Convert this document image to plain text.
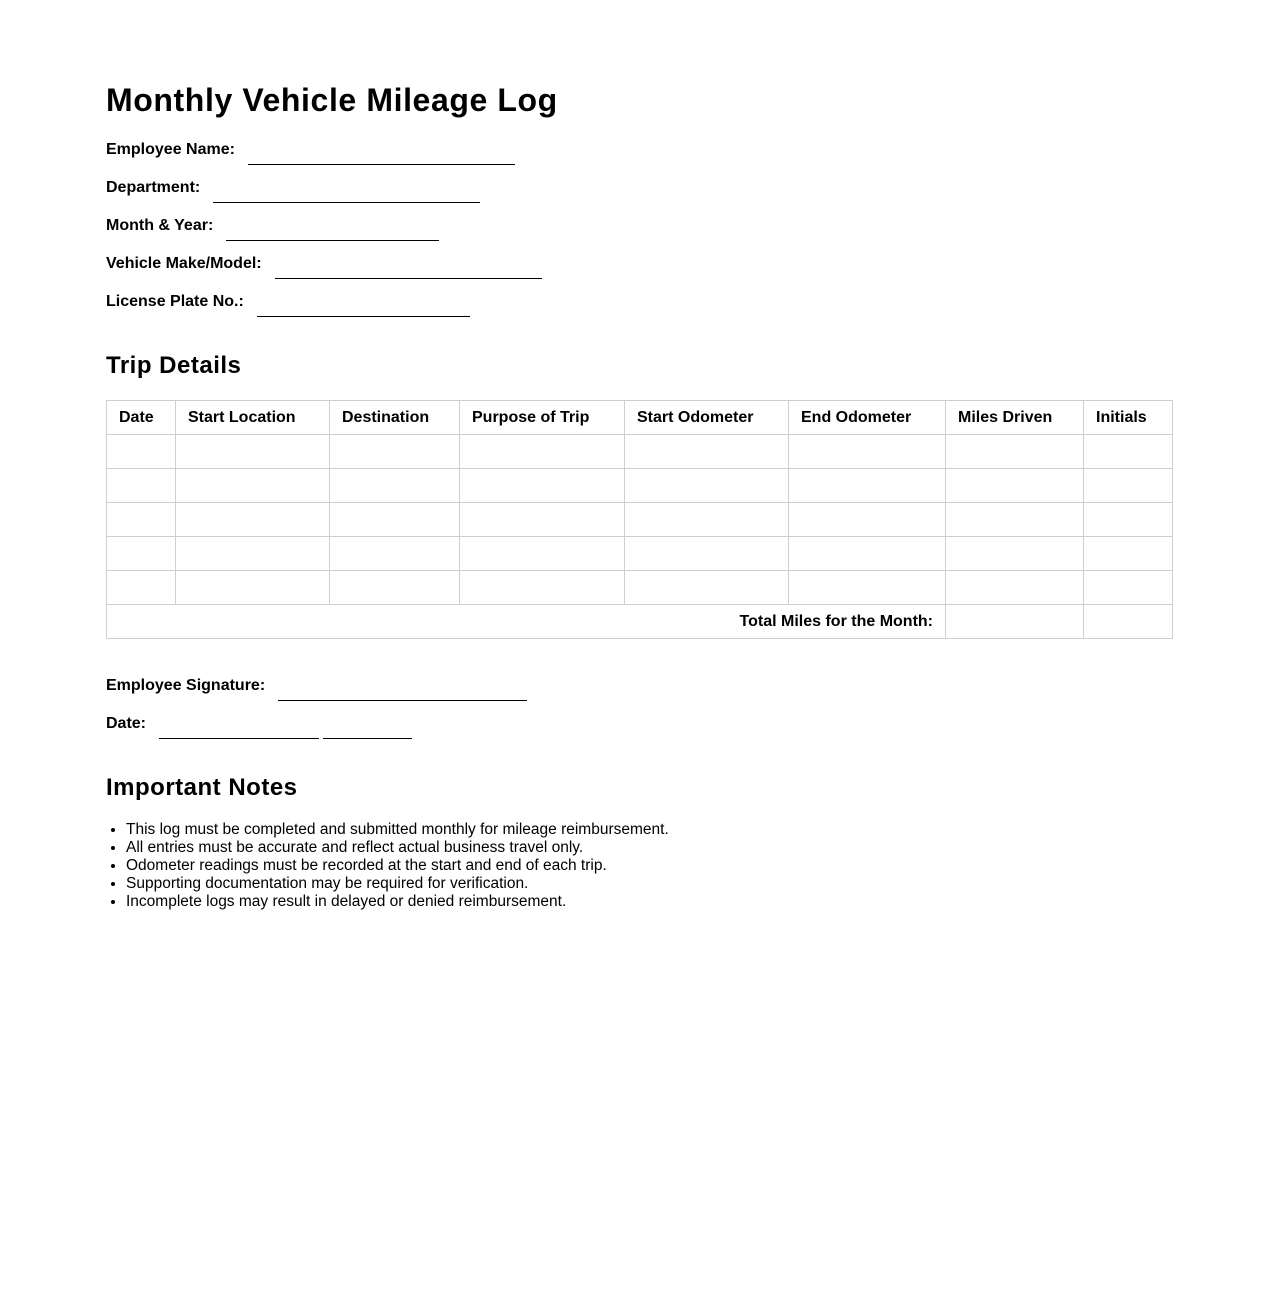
Monthly Vehicle Mileage Log
Employee Name:
Department:
Month & Year:
Vehicle Make/Model:
License Plate No.:
Trip Details
Date	Start Location	Destination	Purpose of Trip	Start Odometer	End Odometer	Miles Driven	Initials

Total Miles for the Month:							
Employee Signature:
Date:
Important Notes
• This log must be completed and submitted monthly for mileage reimbursement.
• All entries must be accurate and reflect actual business travel only.
• Odometer readings must be recorded at the start and end of each trip.
• Supporting documentation may be required for verification.
• Incomplete logs may result in delayed or denied reimbursement.
